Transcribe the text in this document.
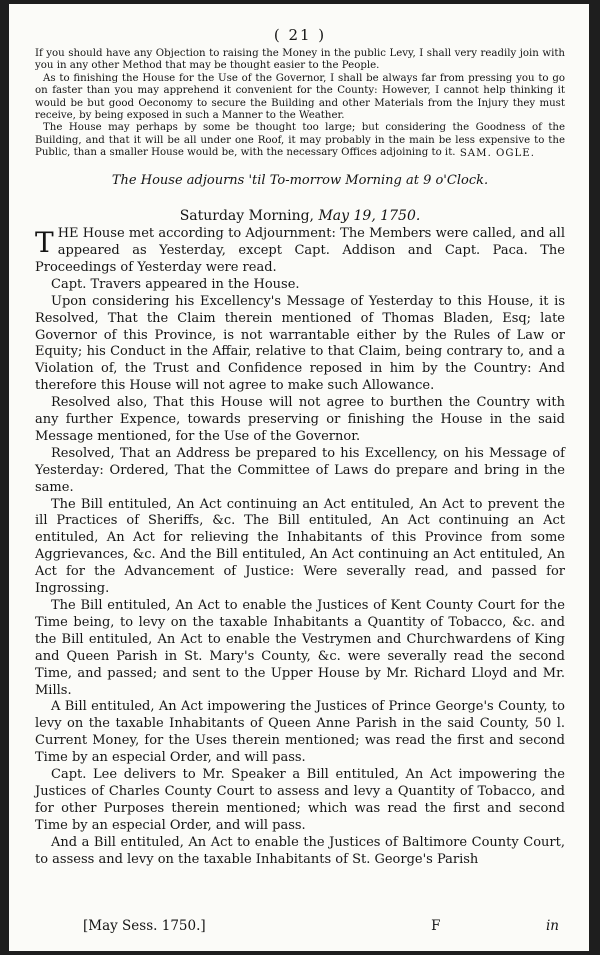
( 21 )

If you should have any Objection to raising the Money in the public Levy, I shall very readily join with you in any other Method that may be thought easier to the People.

As to finishing the House for the Use of the Governor, I shall be always far from pressing you to go on faster than you may apprehend it convenient for the County: However, I cannot help thinking it would be but good Oeconomy to secure the Building and other Materials from the Injury they must receive, by being exposed in such a Manner to the Weather.

The House may perhaps by some be thought too large; but considering the Goodness of the Building, and that it will be all under one Roof, it may probably in the main be less expensive to the Public, than a smaller House would be, with the necessary Offices adjoining to it. SAM. OGLE.
The House adjourns 'til To-morrow Morning at 9 o'Clock.
Saturday Morning, May 19, 1750.

THE House met according to Adjournment: The Members were called, and all appeared as Yesterday, except Capt. Addison and Capt. Paca. The Proceedings of Yesterday were read.

Capt. Travers appeared in the House.

Upon considering his Excellency's Message of Yesterday to this House, it is Resolved, That the Claim therein mentioned of Thomas Bladen, Esq; late Governor of this Province, is not warrantable either by the Rules of Law or Equity; his Conduct in the Affair, relative to that Claim, being contrary to, and a Violation of, the Trust and Confidence reposed in him by the Country: And therefore this House will not agree to make such Allowance.

Resolved also, That this House will not agree to burthen the Country with any further Expence, towards preserving or finishing the House in the said Message mentioned, for the Use of the Governor.

Resolved, That an Address be prepared to his Excellency, on his Message of Yesterday: Ordered, That the Committee of Laws do prepare and bring in the same.

The Bill entituled, An Act continuing an Act entituled, An Act to prevent the ill Practices of Sheriffs, &c. The Bill entituled, An Act continuing an Act entituled, An Act for relieving the Inhabitants of this Province from some Aggrievances, &c. And the Bill entituled, An Act continuing an Act entituled, An Act for the Advancement of Justice: Were severally read, and passed for Ingrossing.

The Bill entituled, An Act to enable the Justices of Kent County Court for the Time being, to levy on the taxable Inhabitants a Quantity of Tobacco, &c. and the Bill entituled, An Act to enable the Vestrymen and Churchwardens of King and Queen Parish in St. Mary's County, &c. were severally read the second Time, and passed; and sent to the Upper House by Mr. Richard Lloyd and Mr. Mills.

A Bill entituled, An Act impowering the Justices of Prince George's County, to levy on the taxable Inhabitants of Queen Anne Parish in the said County, 50 l. Current Money, for the Uses therein mentioned; was read the first and second Time by an especial Order, and will pass.

Capt. Lee delivers to Mr. Speaker a Bill entituled, An Act impowering the Justices of Charles County Court to assess and levy a Quantity of Tobacco, and for other Purposes therein mentioned; which was read the first and second Time by an especial Order, and will pass.

And a Bill entituled, An Act to enable the Justices of Baltimore County Court, to assess and levy on the taxable Inhabitants of St. George's Parish

[May Sess. 1750.]	F	in
